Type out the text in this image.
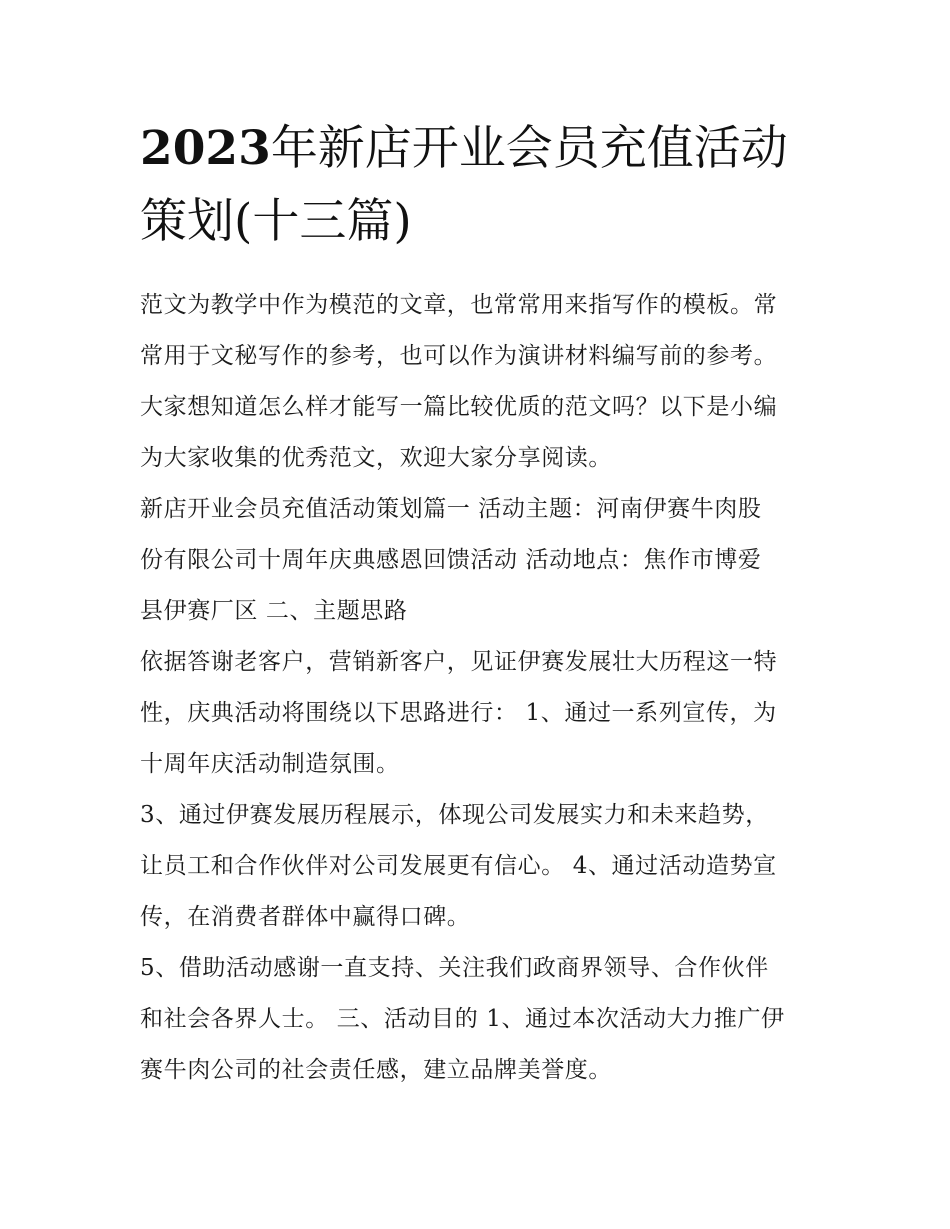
2023年新店开业会员充值活动
策划(十三篇)

范文为教学中作为模范的文章，也常常用来指写作的模板。常
常用于文秘写作的参考，也可以作为演讲材料编写前的参考。
大家想知道怎么样才能写一篇比较优质的范文吗？以下是小编
为大家收集的优秀范文，欢迎大家分享阅读。

新店开业会员充值活动策划篇一 活动主题：河南伊赛牛肉股
份有限公司十周年庆典感恩回馈活动 活动地点：焦作市博爱
县伊赛厂区 二、主题思路

依据答谢老客户，营销新客户，见证伊赛发展壮大历程这一特
性，庆典活动将围绕以下思路进行： 1、通过一系列宣传，为
十周年庆活动制造氛围。

3、通过伊赛发展历程展示，体现公司发展实力和未来趋势，
让员工和合作伙伴对公司发展更有信心。 4、通过活动造势宣
传，在消费者群体中赢得口碑。

5、借助活动感谢一直支持、关注我们政商界领导、合作伙伴
和社会各界人士。 三、活动目的 1、通过本次活动大力推广伊
赛牛肉公司的社会责任感，建立品牌美誉度。
